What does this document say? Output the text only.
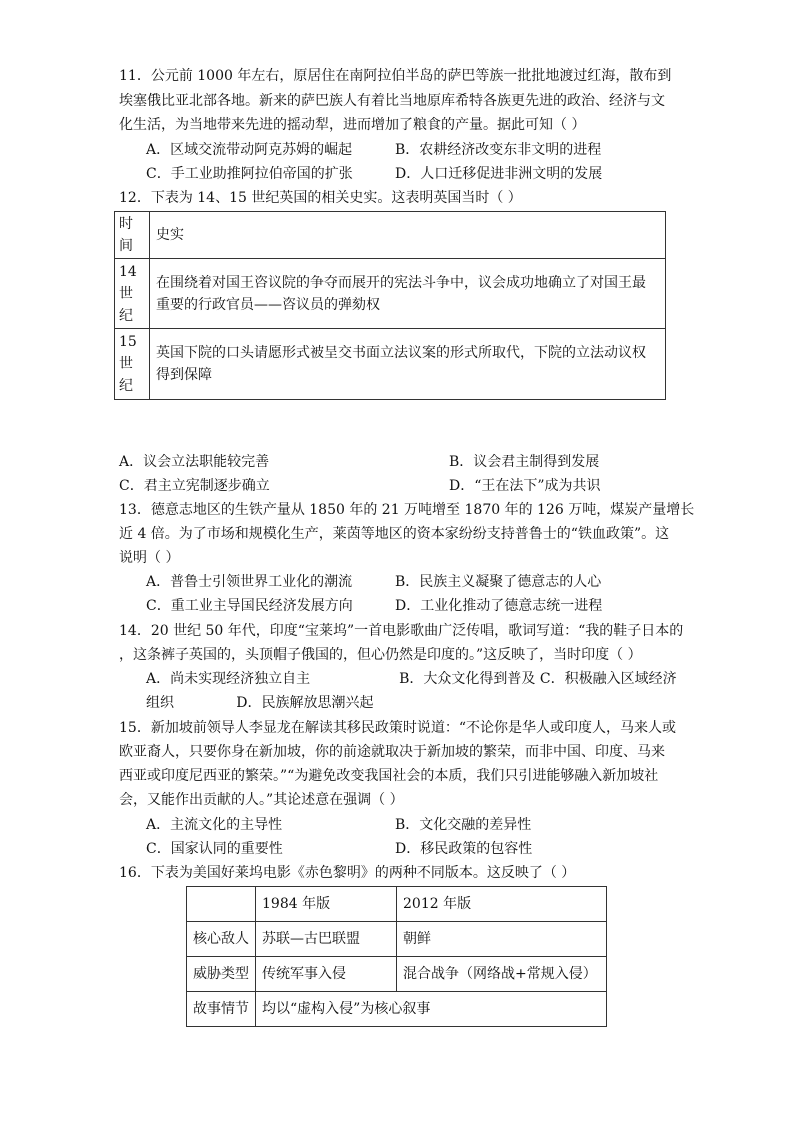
11．公元前 1000 年左右，原居住在南阿拉伯半岛的萨巴等族一批批地渡过红海，散布到
埃塞俄比亚北部各地。新来的萨巴族人有着比当地原库希特各族更先进的政治、经济与文
化生活，为当地带来先进的摇动犁，进而增加了粮食的产量。据此可知（ ）
A．区域交流带动阿克苏姆的崛起	B．农耕经济改变东非文明的进程
C．手工业助推阿拉伯帝国的扩张	D．人口迁移促进非洲文明的发展
12．下表为 14、15 世纪英国的相关史实。这表明英国当时（ ）
时
间	史实
14
世
纪	在围绕着对国王咨议院的争夺而展开的宪法斗争中，议会成功地确立了对国王最重要的行政官员——咨议员的弹劾权
15
世
纪	英国下院的口头请愿形式被呈交书面立法议案的形式所取代，下院的立法动议权得到保障
A．议会立法职能较完善	B．议会君主制得到发展
C．君主立宪制逐步确立	D．“王在法下”成为共识
13．德意志地区的生铁产量从 1850 年的 21 万吨增至 1870 年的 126 万吨，煤炭产量增长
近 4 倍。为了市场和规模化生产，莱茵等地区的资本家纷纷支持普鲁士的“铁血政策”。这
说明（ ）
A．普鲁士引领世界工业化的潮流	B．民族主义凝聚了德意志的人心
C．重工业主导国民经济发展方向	D．工业化推动了德意志统一进程
14．20 世纪 50 年代，印度“宝莱坞”一首电影歌曲广泛传唱，歌词写道：“我的鞋子日本的
，这条裤子英国的，头顶帽子俄国的，但心仍然是印度的。”这反映了，当时印度（ ）
A．尚未实现经济独立自主                    B．大众文化得到普及 C．积极融入区域经济
组织              D．民族解放思潮兴起
15．新加坡前领导人李显龙在解读其移民政策时说道：“不论你是华人或印度人，马来人或
欧亚裔人，只要你身在新加坡，你的前途就取决于新加坡的繁荣，而非中国、印度、马来
西亚或印度尼西亚的繁荣。”“为避免改变我国社会的本质，我们只引进能够融入新加坡社
会，又能作出贡献的人。”其论述意在强调（ ）
A．主流文化的主导性	B．文化交融的差异性
C．国家认同的重要性	D．移民政策的包容性
16．下表为美国好莱坞电影《赤色黎明》的两种不同版本。这反映了（ ）
	1984 年版	2012 年版
核心敌人	苏联—古巴联盟	朝鲜
威胁类型	传统军事入侵	混合战争（网络战+常规入侵）
故事情节	均以“虚构入侵”为核心叙事	
